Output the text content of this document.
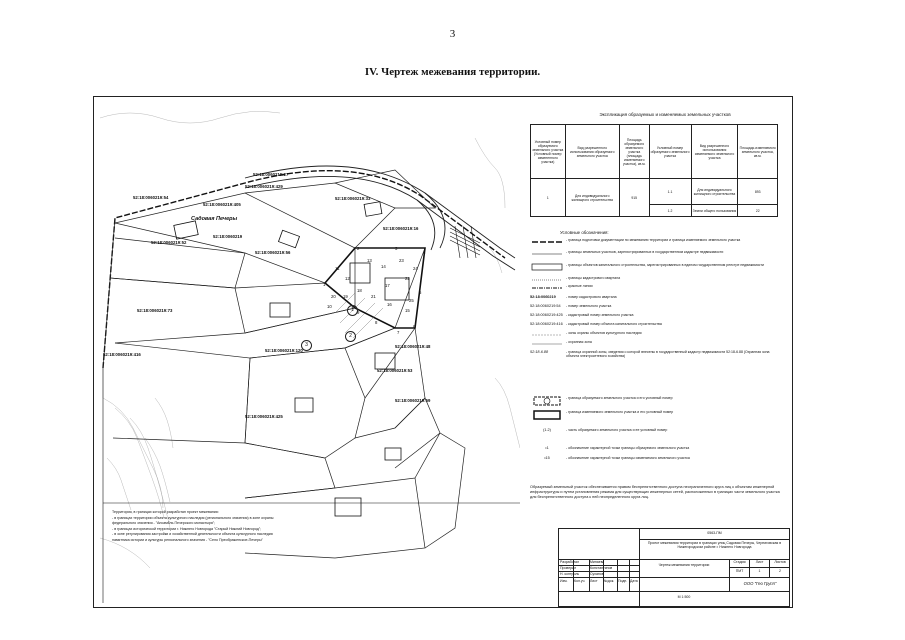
3
IV. Чертеж межевания территории.
52:18:0060219:27
52:18:0060219:54
52:18:0060219:429
52:18:0060219:405
52:18:0060219
52:18:0060219:52
52:18:0060219:33
52:18:0060219:56
52:18:0060219:16
52:18:0060219:73
52:18:0060219:120
52:18:0060219:48
52:18:0060219:53
52:18:0060219:59
52:18:0060219:425
52:18:0060219:416
Садовая Печеры
1
2
3
1
2	3
4
5
6
7
8
9
10
11
12
13
14
15
16
17
18
19
20	21
22
23
24
25
Экспликация образуемых и изменяемых земельных участков
Условный номер образуемого земельного участка (Условный номер измененного участка)	Вид разрешенного использования образуемого земельного участка	Площадь образуемого земельного участка (площадь изменяемого участка), кв.м.	Условный номер образуемого земельного участка	Вид разрешенного использования изменяемого земельного участка	Площадь изменяемого земельного участка, кв.м.
1	Для индивидуального жилищного строительства	915	1.1	Для индивидуального жилищного строительства	893
			1.2	Земли общего пользования	22
Условные обозначения:
- граница подготовки документации по межеванию территории и граница изменяемого земельного участка
- границы земельных участков, зарегистрированных в государственном кадастре недвижимости
- границы объектов капитального строительства, зарегистрированных в едином государственном реестре недвижимости
- границы кадастрового квартала
- красные линии
52:18:0060219	- номер кадастрового квартала
52:18:0060219:54	- номер земельного участка
52:18:0060219:425 - кадастровый номер земельного участка
52:18:0060219:416 - кадастровый номер объекта капитального строительства
- зоны охраны объектов культурного наследия
- охранная зона
52:18-6.88	- граница охранной зоны, сведения о которой внесены в государственный кадастр недвижимости 52:18-6.88 (Охранная зона объекта электросетевого хозяйства)
- граница образуемого земельного участка и его условный номер
- граница изменяемого земельного участка и его условный номер
(1.2)	- часть образуемого земельного участка и ее условный номер
•1	- обозначение характерной точки границы образуемого земельного участка
•15	- обозначение характерной точки границы изменяемого земельного участка
Образуемый земельный участок обеспечивается правом беспрепятственного доступа неограниченного круга лиц к объектам инженерной инфраструктуры и путем установления режима для существующих инженерных сетей, расположенных в границах части земельного участка для беспрепятственного доступа к ней неопределенного круга лиц.
Территория, в границах которой разработан проект межевания:
- в границах территории объекта культурного наследия (регионального значения) в зоне охраны
федерального значения - "Ансамбль Печерского монастыря";
- в границах исторической территории г. Нижнего Новгорода "Старый Нижний Новгород";
- в зоне регулирования застройки и хозяйственной деятельности объекта культурного наследия
памятника истории и культуры регионального значения - "Село Преображенское-Печеры"
0563-ПМ
Проект межевания территории в границах улиц Садовая Печеры, Черниговская в Нижегородском районе г. Нижнего Новгорода
Чертеж межевания территории
Стадия	Лист	Листов
ПМТ	1	2
ООО "Гео Групп"
М 1:500
Разработал	Минаева
Проверил	Константинов
Н. контроль	Суханов
Изм. Кол.уч. Лист №док. Подп. Дата
